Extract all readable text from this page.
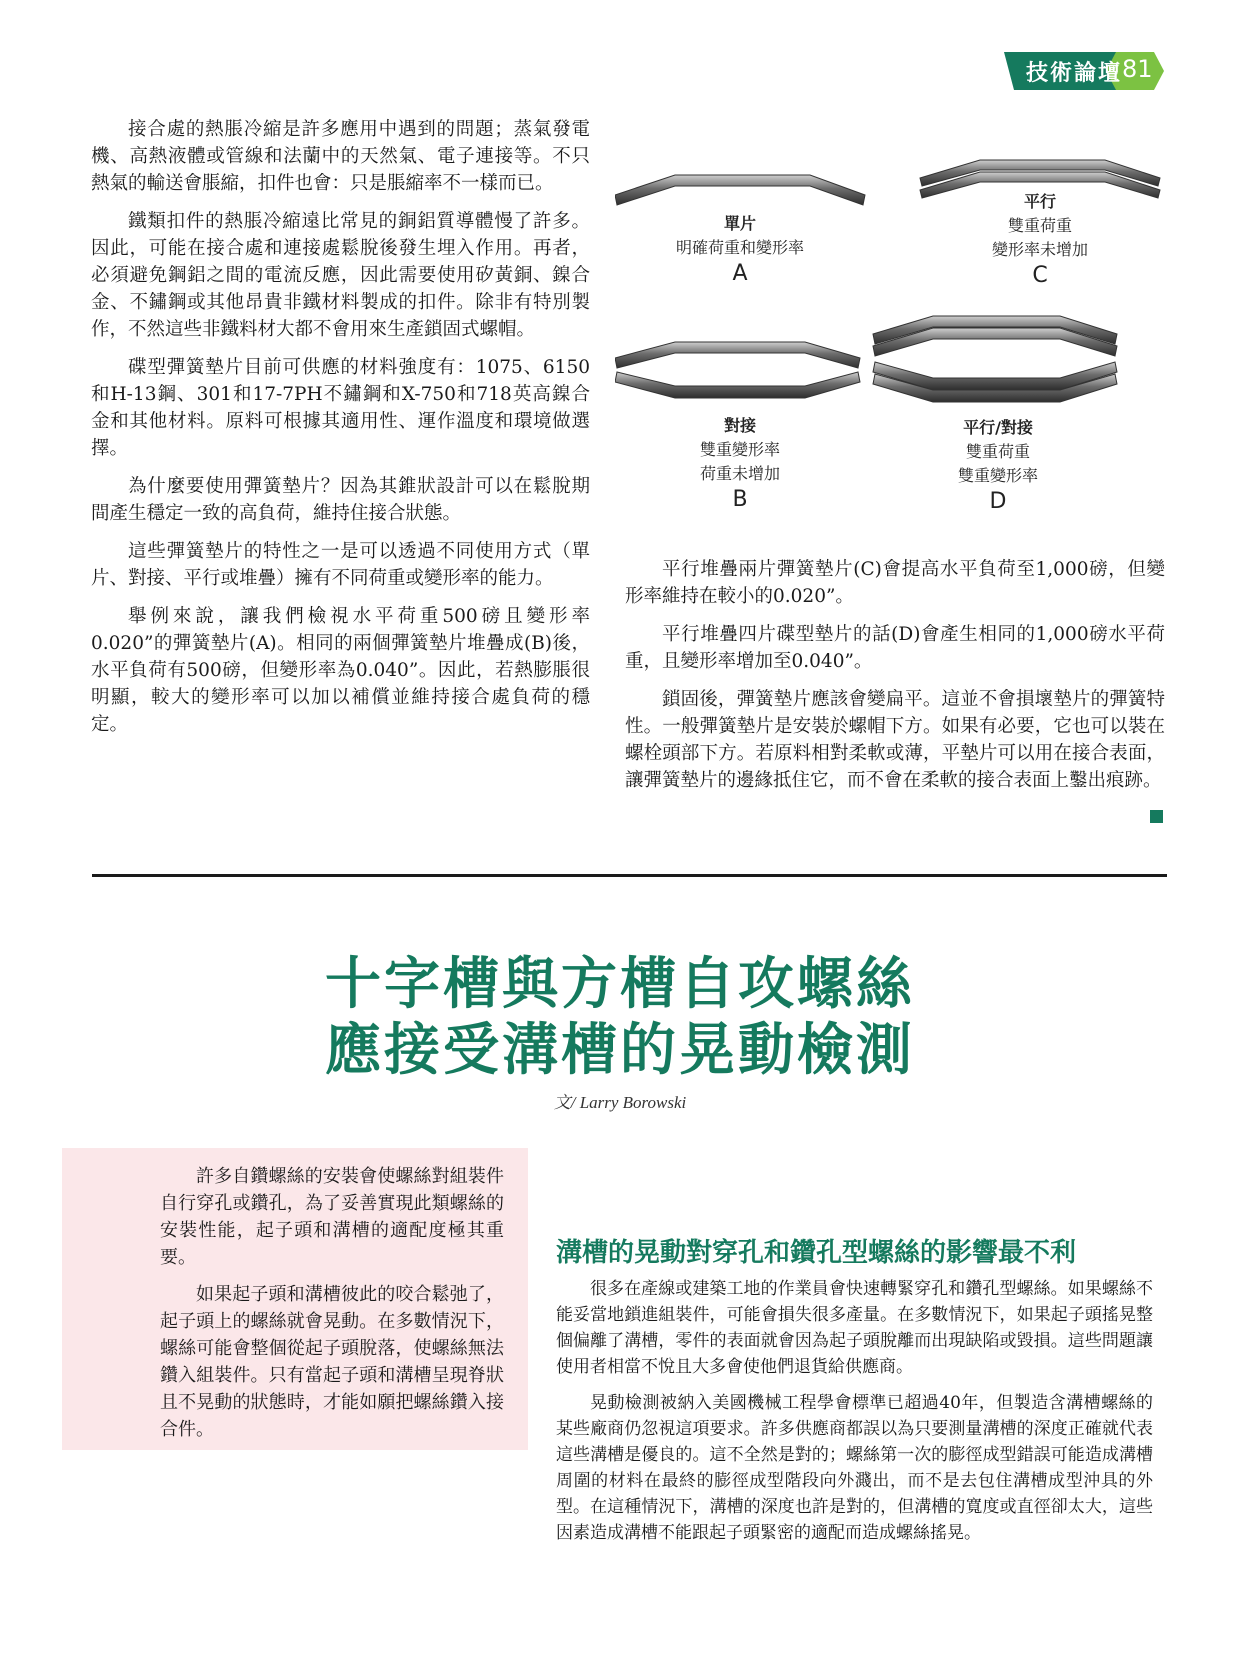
技術論壇 81

接合處的熱脹冷縮是許多應用中遇到的問題；蒸氣發電機、高熱液體或管線和法蘭中的天然氣、電子連接等。不只熱氣的輸送會脹縮，扣件也會：只是脹縮率不一樣而已。

鐵類扣件的熱脹冷縮遠比常見的銅鋁質導體慢了許多。因此，可能在接合處和連接處鬆脫後發生埋入作用。再者，必須避免鋼鋁之間的電流反應，因此需要使用矽黃銅、鎳合金、不鏽鋼或其他昂貴非鐵材料製成的扣件。除非有特別製作，不然這些非鐵料材大都不會用來生產鎖固式螺帽。

碟型彈簧墊片目前可供應的材料強度有：1075、6150和H-13鋼、301和17-7PH不鏽鋼和X-750和718英高鎳合金和其他材料。原料可根據其適用性、運作溫度和環境做選擇。

為什麼要使用彈簧墊片？因為其錐狀設計可以在鬆脫期間產生穩定一致的高負荷，維持住接合狀態。

這些彈簧墊片的特性之一是可以透過不同使用方式（單片、對接、平行或堆疊）擁有不同荷重或變形率的能力。

舉例來說，讓我們檢視水平荷重500磅且變形率0.020”的彈簧墊片(A)。相同的兩個彈簧墊片堆疊成(B)後，水平負荷有500磅，但變形率為0.040”。因此，若熱膨脹很明顯，較大的變形率可以加以補償並維持接合處負荷的穩定。

單片
明確荷重和變形率
A
平行
雙重荷重
變形率未增加
C
對接
雙重變形率
荷重未增加
B
平行/對接
雙重荷重
雙重變形率
D

平行堆疊兩片彈簧墊片(C)會提高水平負荷至1,000磅，但變形率維持在較小的0.020”。

平行堆疊四片碟型墊片的話(D)會產生相同的1,000磅水平荷重，且變形率增加至0.040”。

鎖固後，彈簧墊片應該會變扁平。這並不會損壞墊片的彈簧特性。一般彈簧墊片是安裝於螺帽下方。如果有必要，它也可以裝在螺栓頭部下方。若原料相對柔軟或薄，平墊片可以用在接合表面，讓彈簧墊片的邊緣抵住它，而不會在柔軟的接合表面上鑿出痕跡。

十字槽與方槽自攻螺絲
應接受溝槽的晃動檢測
文/ Larry Borowski

許多自鑽螺絲的安裝會使螺絲對組裝件自行穿孔或鑽孔，為了妥善實現此類螺絲的安裝性能，起子頭和溝槽的適配度極其重要。

如果起子頭和溝槽彼此的咬合鬆弛了，起子頭上的螺絲就會晃動。在多數情況下，螺絲可能會整個從起子頭脫落，使螺絲無法鑽入組裝件。只有當起子頭和溝槽呈現脊狀且不晃動的狀態時，才能如願把螺絲鑽入接合件。

溝槽的晃動對穿孔和鑽孔型螺絲的影響最不利

很多在產線或建築工地的作業員會快速轉緊穿孔和鑽孔型螺絲。如果螺絲不能妥當地鎖進組裝件，可能會損失很多產量。在多數情況下，如果起子頭搖晃整個偏離了溝槽，零件的表面就會因為起子頭脫離而出現缺陷或毀損。這些問題讓使用者相當不悅且大多會使他們退貨給供應商。

晃動檢測被納入美國機械工程學會標準已超過40年，但製造含溝槽螺絲的某些廠商仍忽視這項要求。許多供應商都誤以為只要測量溝槽的深度正確就代表這些溝槽是優良的。這不全然是對的；螺絲第一次的膨徑成型錯誤可能造成溝槽周圍的材料在最終的膨徑成型階段向外濺出，而不是去包住溝槽成型沖具的外型。在這種情況下，溝槽的深度也許是對的，但溝槽的寬度或直徑卻太大，這些因素造成溝槽不能跟起子頭緊密的適配而造成螺絲搖晃。
